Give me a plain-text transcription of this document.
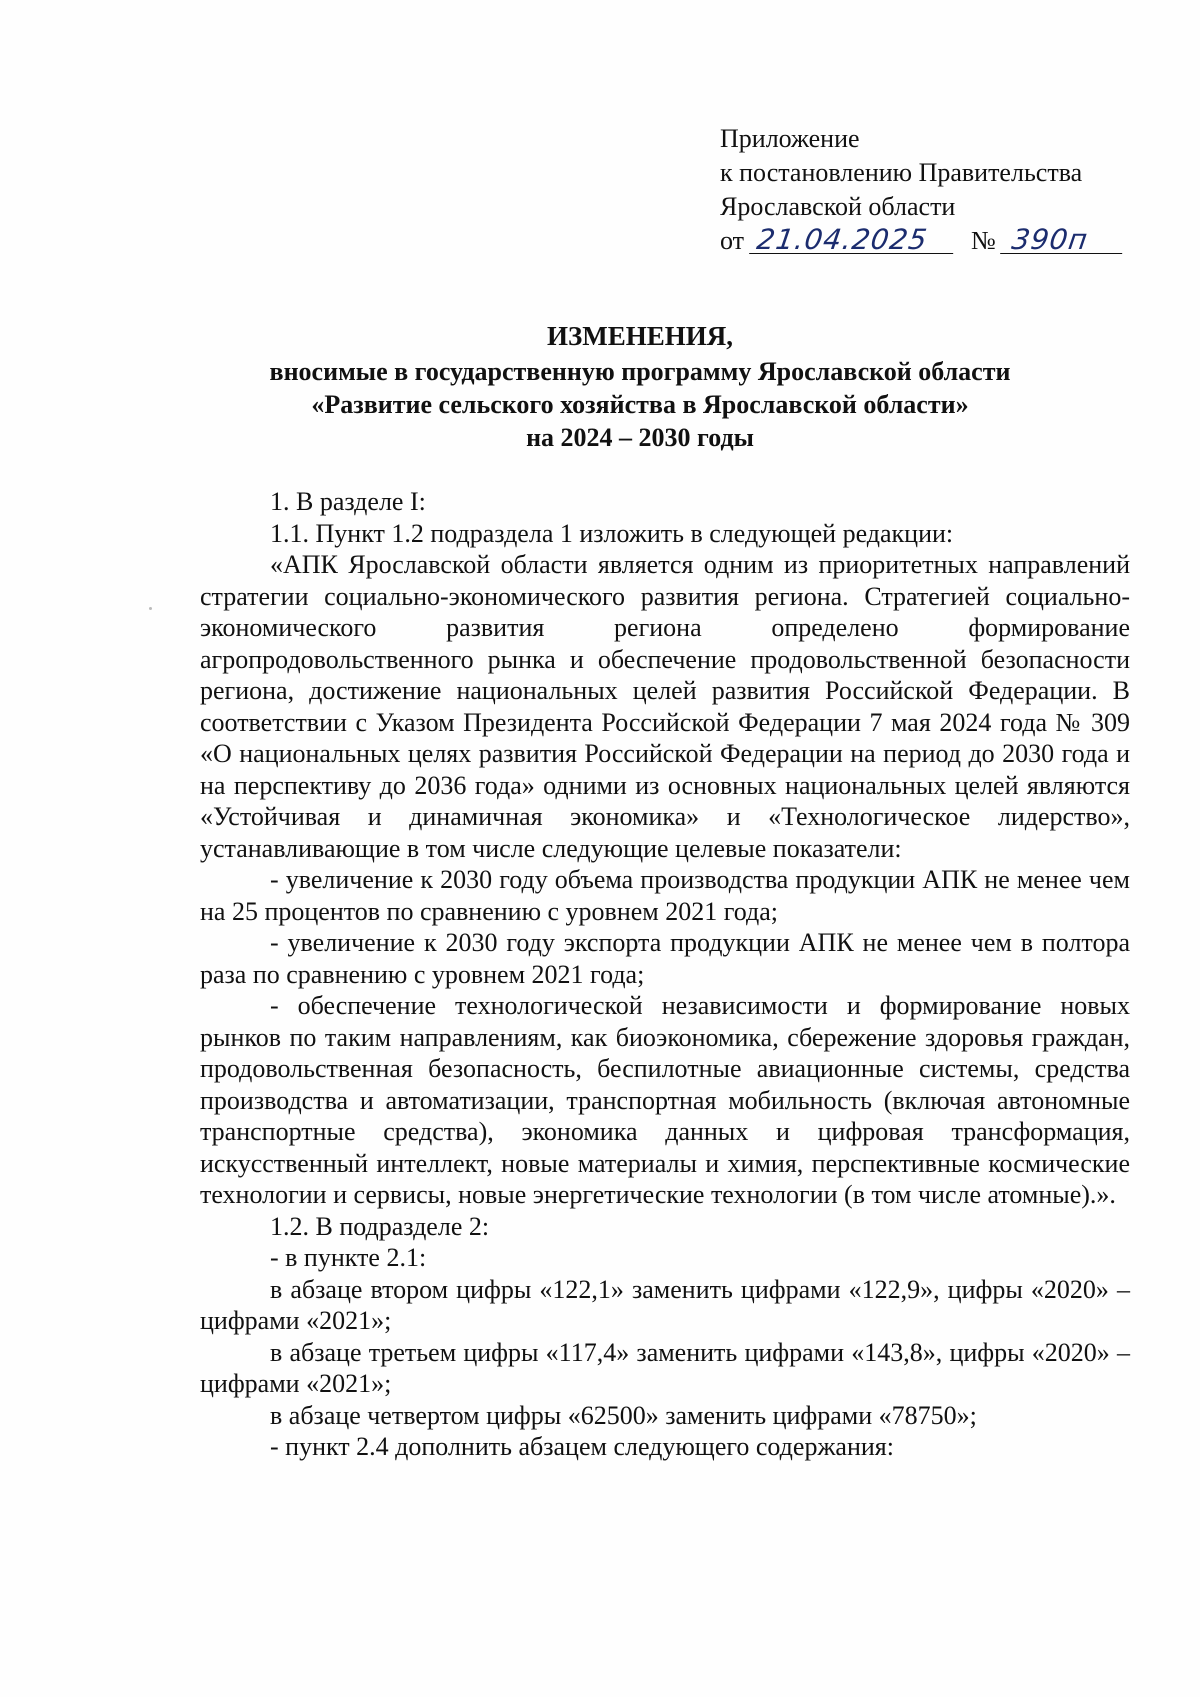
Приложение
к постановлению Правительства
Ярославской области
от 21.04.2025 № 390п
ИЗМЕНЕНИЯ,
вносимые в государственную программу Ярославской области
«Развитие сельского хозяйства в Ярославской области»
на 2024 – 2030 годы

1. В разделе I:

1.1. Пункт 1.2 подраздела 1 изложить в следующей редакции:

«АПК Ярославской области является одним из приоритетных направлений стратегии социально-экономического развития региона. Стратегией социально-экономического развития региона определено формирование агропродовольственного рынка и обеспечение продовольственной безопасности региона, достижение национальных целей развития Российской Федерации. В соответствии с Указом Президента Российской Федерации 7 мая 2024 года № 309 «О национальных целях развития Российской Федерации на период до 2030 года и на перспективу до 2036 года» одними из основных национальных целей являются «Устойчивая и динамичная экономика» и «Технологическое лидерство», устанавливающие в том числе следующие целевые показатели:

- увеличение к 2030 году объема производства продукции АПК не менее чем на 25 процентов по сравнению с уровнем 2021 года;

- увеличение к 2030 году экспорта продукции АПК не менее чем в полтора раза по сравнению с уровнем 2021 года;

- обеспечение технологической независимости и формирование новых рынков по таким направлениям, как биоэкономика, сбережение здоровья граждан, продовольственная безопасность, беспилотные авиационные системы, средства производства и автоматизации, транспортная мобильность (включая автономные транспортные средства), экономика данных и цифровая трансформация, искусственный интеллект, новые материалы и химия, перспективные космические технологии и сервисы, новые энергетические технологии (в том числе атомные).».

1.2. В подразделе 2:

- в пункте 2.1:

в абзаце втором цифры «122,1» заменить цифрами «122,9», цифры «2020» – цифрами «2021»;

в абзаце третьем цифры «117,4» заменить цифрами «143,8», цифры «2020» – цифрами «2021»;

в абзаце четвертом цифры «62500» заменить цифрами «78750»;

- пункт 2.4 дополнить абзацем следующего содержания:
